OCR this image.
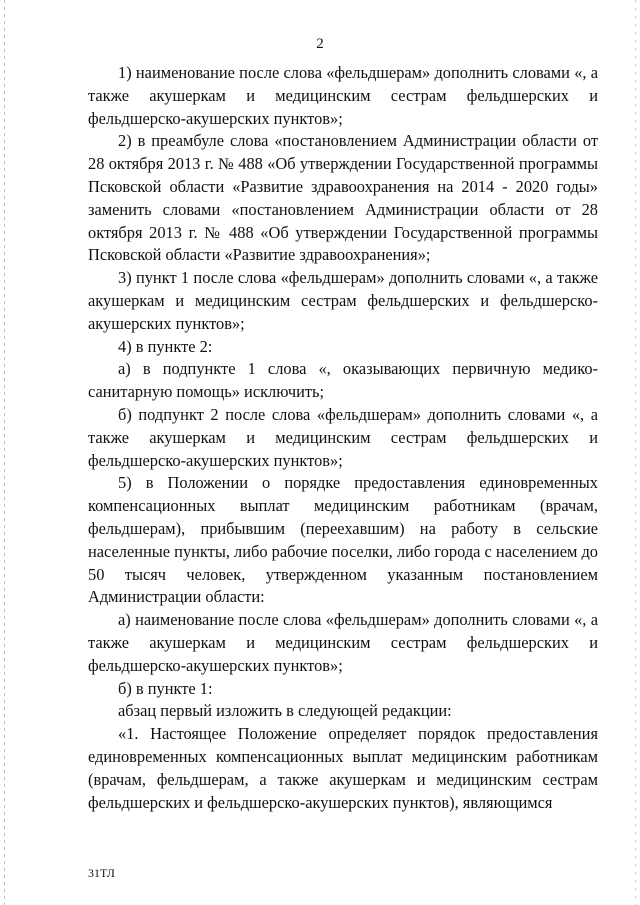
2

1) наименование после слова «фельдшерам» дополнить словами «, а также акушеркам и медицинским сестрам фельдшерских и фельдшерско-акушерских пунктов»;

2) в преамбуле слова «постановлением Администрации области от 28 октября 2013 г. № 488 «Об утверждении Государственной программы Псковской области «Развитие здравоохранения на 2014 - 2020 годы» заменить словами «постановлением Администрации области от 28 октября 2013 г. № 488 «Об утверждении Государственной программы Псковской области «Развитие здравоохранения»;

3) пункт 1 после слова «фельдшерам» дополнить словами «, а также акушеркам и медицинским сестрам фельдшерских и фельдшерско-акушерских пунктов»;

4) в пункте 2:

а) в подпункте 1 слова «, оказывающих первичную медико-санитарную помощь» исключить;

б) подпункт 2 после слова «фельдшерам» дополнить словами «, а также акушеркам и медицинским сестрам фельдшерских и фельдшерско-акушерских пунктов»;

5) в Положении о порядке предоставления единовременных компенсационных выплат медицинским работникам (врачам, фельдшерам), прибывшим (переехавшим) на работу в сельские населенные пункты, либо рабочие поселки, либо города с населением до 50 тысяч человек, утвержденном указанным постановлением Администрации области:

а) наименование после слова «фельдшерам» дополнить словами «, а также акушеркам и медицинским сестрам фельдшерских и фельдшерско-акушерских пунктов»;

б) в пункте 1:

абзац первый изложить в следующей редакции:

«1. Настоящее Положение определяет порядок предоставления единовременных компенсационных выплат медицинским работникам (врачам, фельдшерам, а также акушеркам и медицинским сестрам фельдшерских и фельдшерско-акушерских пунктов), являющимся

31ТЛ
